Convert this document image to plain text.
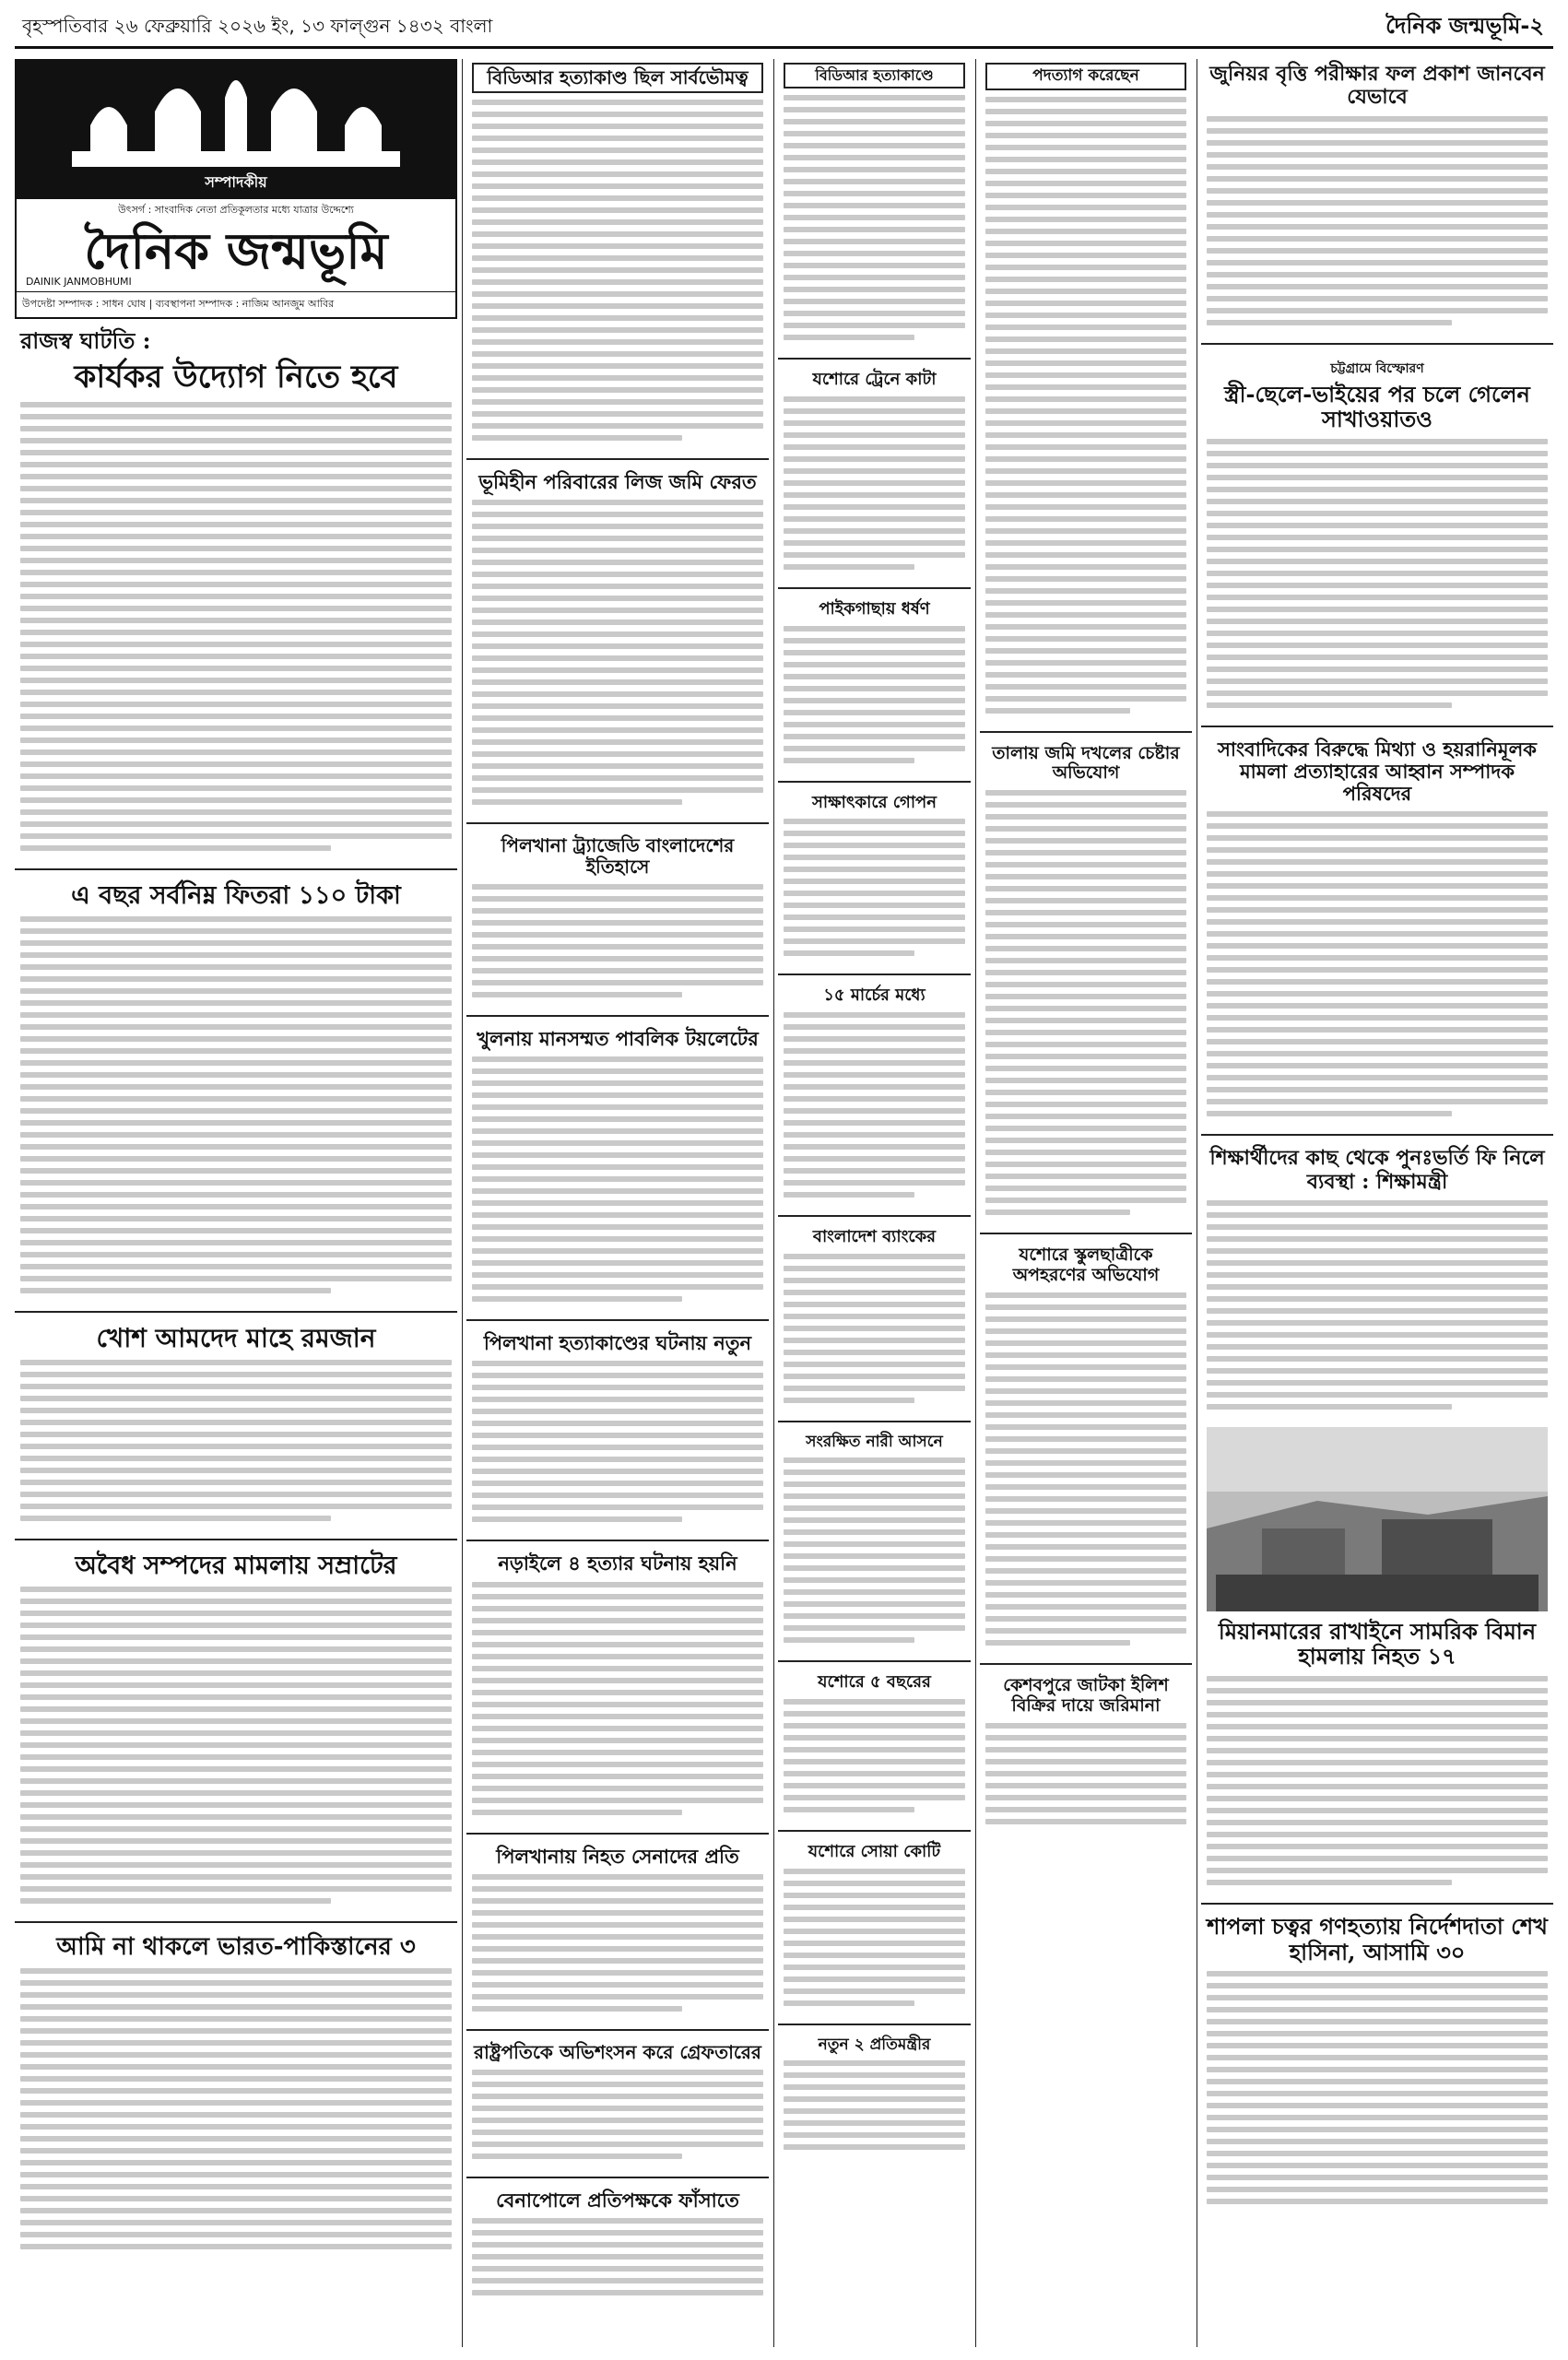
বৃহস্পতিবার ২৬ ফেব্রুয়ারি ২০২৬ ইং, ১৩ ফাল্গুন ১৪৩২ বাংলা	দৈনিক জন্মভূমি-২
সম্পাদকীয়
উৎসর্গ : সাংবাদিক নেতা প্রতিকূলতার মধ্যে যাত্রার উদ্দেশ্যে
দৈনিক জন্মভূমি
DAINIK JANMOBHUMI
উপদেষ্টা সম্পাদক : সাধন ঘোষ | ব্যবস্থাপনা সম্পাদক : নাজিম আনজুম আবির
রাজস্ব ঘাটতি :
কার্যকর উদ্যোগ নিতে হবে
এ বছর সর্বনিম্ন ফিতরা ১১০ টাকা
খোশ আমদেদ মাহে রমজান
অবৈধ সম্পদের মামলায় সম্রাটের
আমি না থাকলে ভারত-পাকিস্তানের ৩
বিডিআর হত্যাকাণ্ড ছিল সার্বভৌমত্ব
ভূমিহীন পরিবারের লিজ জমি ফেরত
পিলখানা ট্র্যাজেডি বাংলাদেশের ইতিহাসে
খুলনায় মানসম্মত পাবলিক টয়লেটের
পিলখানা হত্যাকাণ্ডের ঘটনায় নতুন
নড়াইলে ৪ হত্যার ঘটনায় হয়নি
পিলখানায় নিহত সেনাদের প্রতি
রাষ্ট্রপতিকে অভিশংসন করে গ্রেফতারের
বেনাপোলে প্রতিপক্ষকে ফাঁসাতে
বিডিআর হত্যাকাণ্ডে
যশোরে ট্রেনে কাটা
পাইকগাছায় ধর্ষণ
সাক্ষাৎকারে গোপন
১৫ মার্চের মধ্যে
বাংলাদেশ ব্যাংকের
সংরক্ষিত নারী আসনে
যশোরে ৫ বছরের
যশোরে সোয়া কোটি
নতুন ২ প্রতিমন্ত্রীর
পদত্যাগ করেছেন
তালায় জমি দখলের চেষ্টার অভিযোগ
যশোরে স্কুলছাত্রীকে অপহরণের অভিযোগ
কেশবপুরে জাটকা ইলিশ বিক্রির দায়ে জরিমানা
জুনিয়র বৃত্তি পরীক্ষার ফল প্রকাশ জানবেন যেভাবে
চট্টগ্রামে বিস্ফোরণ
স্ত্রী-ছেলে-ভাইয়ের পর চলে গেলেন সাখাওয়াতও
সাংবাদিকের বিরুদ্ধে মিথ্যা ও হয়রানিমূলক মামলা প্রত্যাহারের আহ্বান সম্পাদক পরিষদের
শিক্ষার্থীদের কাছ থেকে পুনঃভর্তি ফি নিলে ব্যবস্থা : শিক্ষামন্ত্রী
মিয়ানমারের রাখাইনে সামরিক বিমান হামলায় নিহত ১৭
শাপলা চত্বর গণহত্যায় নির্দেশদাতা শেখ হাসিনা, আসামি ৩০
